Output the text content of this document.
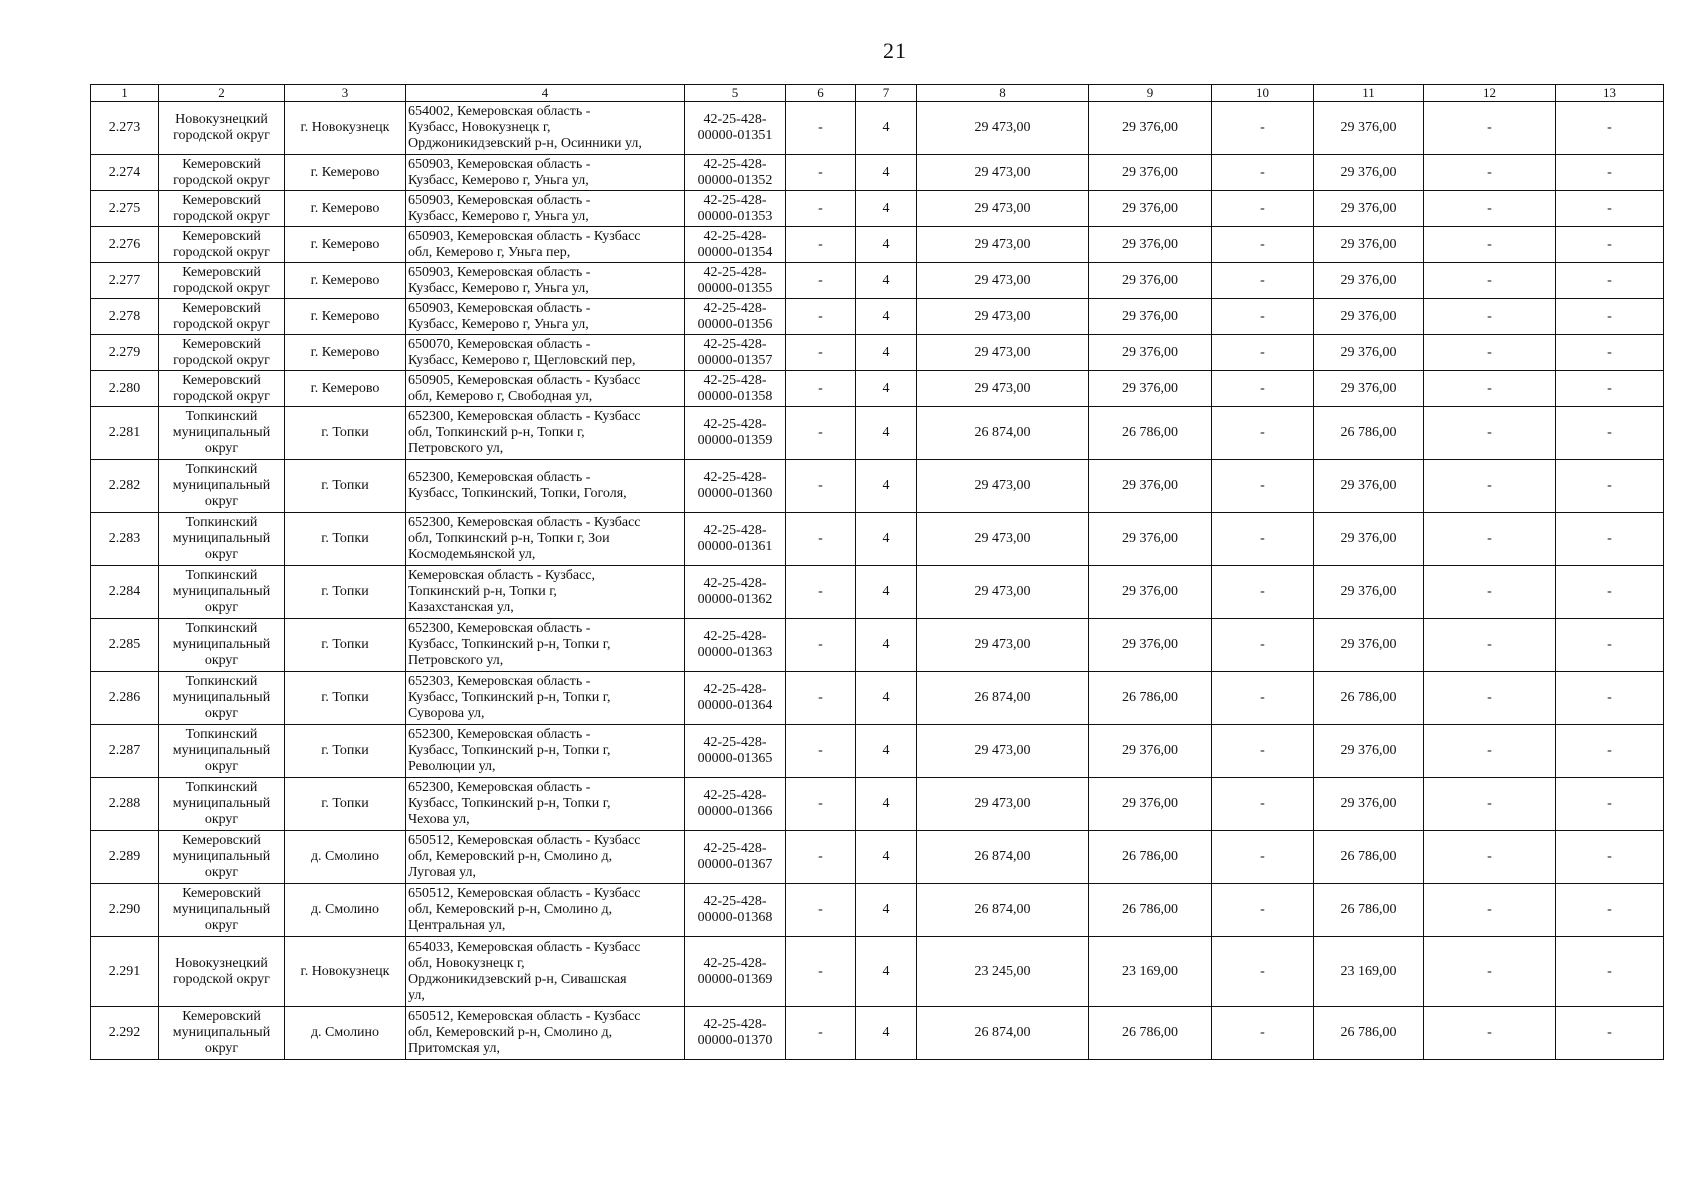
21
1	2	3	4	5	6	7	8	9	10	11	12	13
2.273	Новокузнецкий
городской округ	г. Новокузнецк	654002, Кемеровская область -
Кузбасс, Новокузнецк г,
Орджоникидзевский р-н, Осинники ул,	42-25-428-
00000-01351	-	4	29 473,00	29 376,00	-	29 376,00	-	-
2.274	Кемеровский
городской округ	г. Кемерово	650903, Кемеровская область -
Кузбасс, Кемерово г, Уньга ул,	42-25-428-
00000-01352	-	4	29 473,00	29 376,00	-	29 376,00	-	-
2.275	Кемеровский
городской округ	г. Кемерово	650903, Кемеровская область -
Кузбасс, Кемерово г, Уньга ул,	42-25-428-
00000-01353	-	4	29 473,00	29 376,00	-	29 376,00	-	-
2.276	Кемеровский
городской округ	г. Кемерово	650903, Кемеровская область - Кузбасс
обл, Кемерово г, Уньга пер,	42-25-428-
00000-01354	-	4	29 473,00	29 376,00	-	29 376,00	-	-
2.277	Кемеровский
городской округ	г. Кемерово	650903, Кемеровская область -
Кузбасс, Кемерово г, Уньга ул,	42-25-428-
00000-01355	-	4	29 473,00	29 376,00	-	29 376,00	-	-
2.278	Кемеровский
городской округ	г. Кемерово	650903, Кемеровская область -
Кузбасс, Кемерово г, Уньга ул,	42-25-428-
00000-01356	-	4	29 473,00	29 376,00	-	29 376,00	-	-
2.279	Кемеровский
городской округ	г. Кемерово	650070, Кемеровская область -
Кузбасс, Кемерово г, Щегловский пер,	42-25-428-
00000-01357	-	4	29 473,00	29 376,00	-	29 376,00	-	-
2.280	Кемеровский
городской округ	г. Кемерово	650905, Кемеровская область - Кузбасс
обл, Кемерово г, Свободная ул,	42-25-428-
00000-01358	-	4	29 473,00	29 376,00	-	29 376,00	-	-
2.281	Топкинский
муниципальный
округ	г. Топки	652300, Кемеровская область - Кузбасс
обл, Топкинский р-н, Топки г,
Петровского ул,	42-25-428-
00000-01359	-	4	26 874,00	26 786,00	-	26 786,00	-	-
2.282	Топкинский
муниципальный
округ	г. Топки	652300, Кемеровская область -
Кузбасс, Топкинский, Топки, Гоголя,	42-25-428-
00000-01360	-	4	29 473,00	29 376,00	-	29 376,00	-	-
2.283	Топкинский
муниципальный
округ	г. Топки	652300, Кемеровская область - Кузбасс
обл, Топкинский р-н, Топки г, Зои
Космодемьянской ул,	42-25-428-
00000-01361	-	4	29 473,00	29 376,00	-	29 376,00	-	-
2.284	Топкинский
муниципальный
округ	г. Топки	Кемеровская область - Кузбасс,
Топкинский р-н, Топки г,
Казахстанская ул,	42-25-428-
00000-01362	-	4	29 473,00	29 376,00	-	29 376,00	-	-
2.285	Топкинский
муниципальный
округ	г. Топки	652300, Кемеровская область -
Кузбасс, Топкинский р-н, Топки г,
Петровского ул,	42-25-428-
00000-01363	-	4	29 473,00	29 376,00	-	29 376,00	-	-
2.286	Топкинский
муниципальный
округ	г. Топки	652303, Кемеровская область -
Кузбасс, Топкинский р-н, Топки г,
Суворова ул,	42-25-428-
00000-01364	-	4	26 874,00	26 786,00	-	26 786,00	-	-
2.287	Топкинский
муниципальный
округ	г. Топки	652300, Кемеровская область -
Кузбасс, Топкинский р-н, Топки г,
Революции ул,	42-25-428-
00000-01365	-	4	29 473,00	29 376,00	-	29 376,00	-	-
2.288	Топкинский
муниципальный
округ	г. Топки	652300, Кемеровская область -
Кузбасс, Топкинский р-н, Топки г,
Чехова ул,	42-25-428-
00000-01366	-	4	29 473,00	29 376,00	-	29 376,00	-	-
2.289	Кемеровский
муниципальный
округ	д. Смолино	650512, Кемеровская область - Кузбасс
обл, Кемеровский р-н, Смолино д,
Луговая ул,	42-25-428-
00000-01367	-	4	26 874,00	26 786,00	-	26 786,00	-	-
2.290	Кемеровский
муниципальный
округ	д. Смолино	650512, Кемеровская область - Кузбасс
обл, Кемеровский р-н, Смолино д,
Центральная ул,	42-25-428-
00000-01368	-	4	26 874,00	26 786,00	-	26 786,00	-	-
2.291	Новокузнецкий
городской округ	г. Новокузнецк	654033, Кемеровская область - Кузбасс
обл, Новокузнецк г,
Орджоникидзевский р-н, Сивашская
ул,	42-25-428-
00000-01369	-	4	23 245,00	23 169,00	-	23 169,00	-	-
2.292	Кемеровский
муниципальный
округ	д. Смолино	650512, Кемеровская область - Кузбасс
обл, Кемеровский р-н, Смолино д,
Притомская ул,	42-25-428-
00000-01370	-	4	26 874,00	26 786,00	-	26 786,00	-	-
